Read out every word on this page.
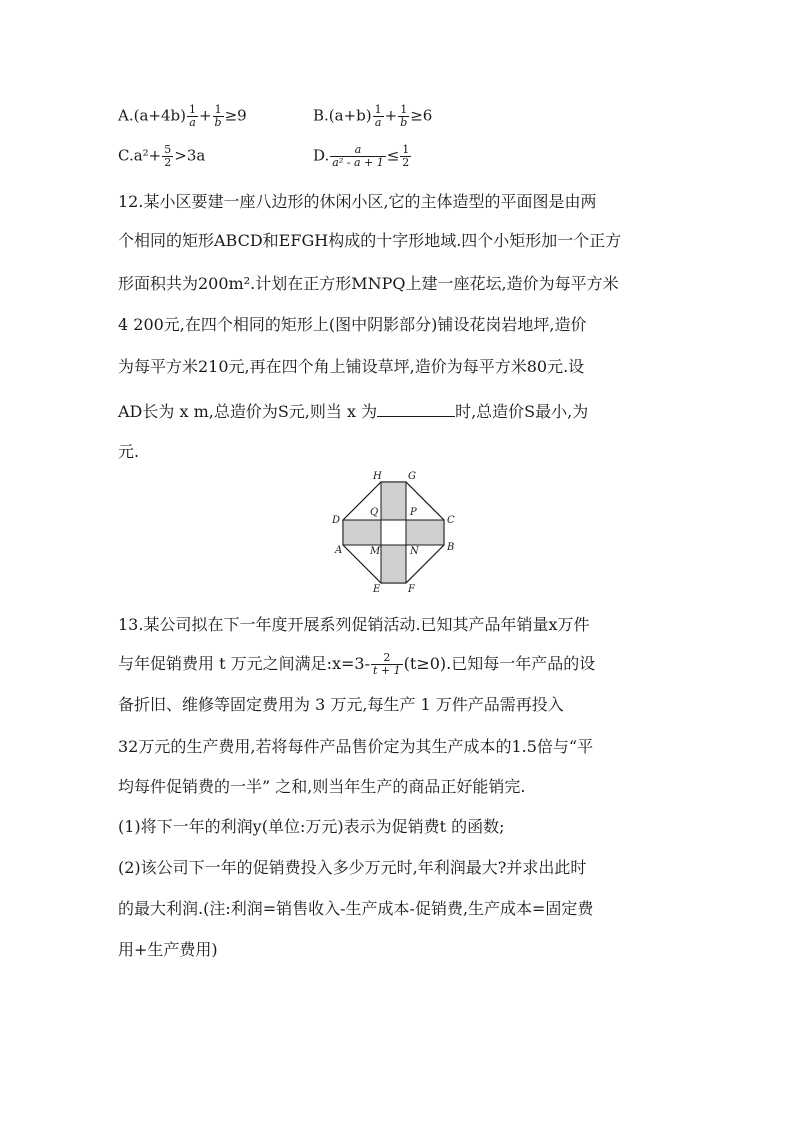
$A.(a+4b) \frac{1}{a} + \frac{1}{b} \ge 9$	$B.(a+b) \frac{1}{a} + \frac{1}{b} \ge 6$
$C.a^2+ \frac{5}{2} >3a$	D. $\frac{a}{\text{a² - a + 1}} \le \frac{1}{2}$
12.某小区要建一座八边形的休闲小区,它的主体造型的平面图是由两
个相同的矩形ABCD和EFGH构成的十字形地域.四个小矩形加一个正方
形面积共为200m².计划在正方形MNPQ上建一座花坛,造价为每平方米
4 200元,在四个相同的矩形上(图中阴影部分)铺设花岗岩地坪,造价
为每平方米210元,再在四个角上铺设草坪,造价为每平方米80元.设
AD长为 x m,总造价为S元,则当 x 为	时,总造价S最小,为
元.
H	G
D	C
A	B
E	F
Q	P
M	N
13.某公司拟在下一年度开展系列促销活动.已知其产品年销量x万件
与年促销费用 t 万元之间满足:x=3- $\frac{2}{t + 1} (t\ge 0)$.已知每一年产品的设
备折旧、维修等固定费用为 3 万元,每生产 1 万件产品需再投入
32万元的生产费用,若将每件产品售价定为其生产成本的1.5倍与“平
均每件促销费的一半” 之和,则当年生产的商品正好能销完.
(1)将下一年的利润y(单位:万元)表示为促销费t 的函数;
(2)该公司下一年的促销费投入多少万元时,年利润最大?并求出此时
的最大利润.(注:利润=销售收入-生产成本-促销费,生产成本=固定费
用+生产费用)
